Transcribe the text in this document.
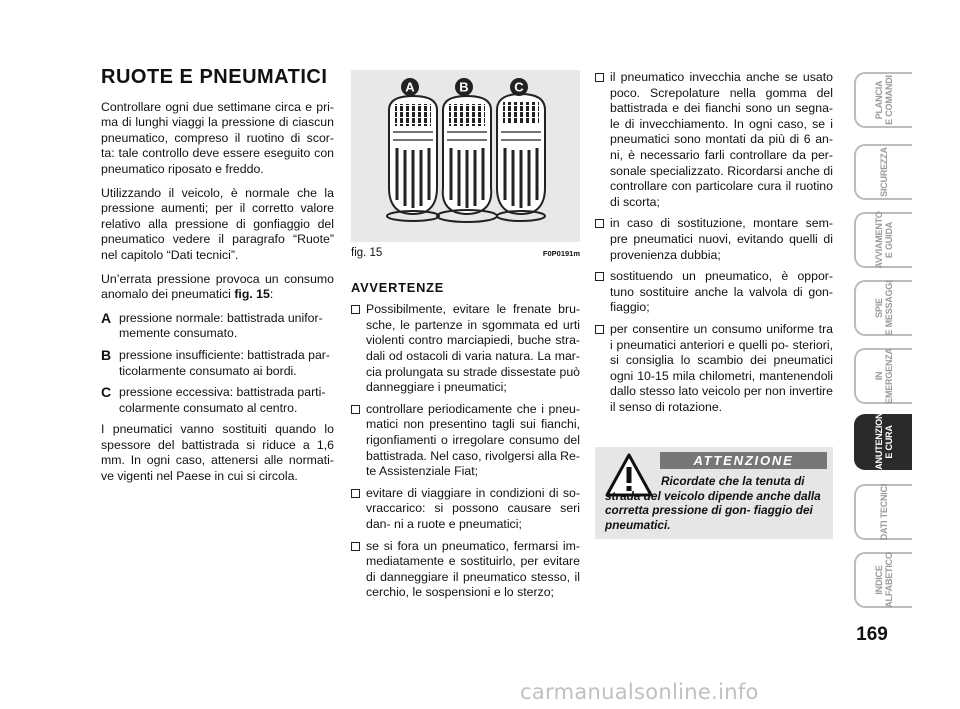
RUOTE E PNEUMATICI

Controllare ogni due settimane circa e pri- ma di lunghi viaggi la pressione di ciascun pneumatico, compreso il ruotino di scor- ta: tale controllo deve essere eseguito con pneumatico riposato e freddo.

Utilizzando il veicolo, è normale che la pressione aumenti; per il corretto valore relativo alla pressione di gonfiaggio del pneumatico vedere il paragrafo “Ruote” nel capitolo “Dati tecnici”.

Un’errata pressione provoca un consumo anomalo dei pneumatici fig. 15:

A pressione normale: battistrada unifor- memente consumato.
B pressione insufficiente: battistrada par- ticolarmente consumato ai bordi.
C pressione eccessiva: battistrada parti- colarmente consumato al centro.

I pneumatici vanno sostituiti quando lo spessore del battistrada si riduce a 1,6 mm. In ogni caso, attenersi alle normati- ve vigenti nel Paese in cui si circola.

A	B	C
fig. 15	F0P0191m
AVVERTENZE
Possibilmente, evitare le frenate bru- sche, le partenze in sgommata ed urti violenti contro marciapiedi, buche stra- dali od ostacoli di varia natura. La mar- cia prolungata su strade dissestate può danneggiare i pneumatici;
controllare periodicamente che i pneu- matici non presentino tagli sui fianchi, rigonfiamenti o irregolare consumo del battistrada. Nel caso, rivolgersi alla Re- te Assistenziale Fiat;
evitare di viaggiare in condizioni di so- vraccarico: si possono causare seri dan- ni a ruote e pneumatici;
se si fora un pneumatico, fermarsi im- mediatamente e sostituirlo, per evitare di danneggiare il pneumatico stesso, il cerchio, le sospensioni e lo sterzo;
il pneumatico invecchia anche se usato poco. Screpolature nella gomma del battistrada e dei fianchi sono un segna- le di invecchiamento. In ogni caso, se i pneumatici sono montati da più di 6 an- ni, è necessario farli controllare da per- sonale specializzato. Ricordarsi anche di controllare con particolare cura il ruotino di scorta;
in caso di sostituzione, montare sem- pre pneumatici nuovi, evitando quelli di provenienza dubbia;
sostituendo un pneumatico, è oppor- tuno sostituire anche la valvola di gon- fiaggio;
per consentire un consumo uniforme tra i pneumatici anteriori e quelli po- steriori, si consiglia lo scambio dei pneumatici ogni 10-15 mila chilometri, mantenendoli dallo stesso lato veicolo per non invertire il senso di rotazione.
ATTENZIONE
Ricordate che la tenuta di strada del veicolo dipende anche dalla corretta pressione di gon- fiaggio dei pneumatici.
PLANCIA
E COMANDI
SICUREZZA
AVVIAMENTO
E GUIDA
SPIE
E MESSAGGI
IN
EMERGENZA
MANUTENZIONE
E CURA
DATI TECNICI
INDICE
ALFABETICO
169
carmanualsonline.info
